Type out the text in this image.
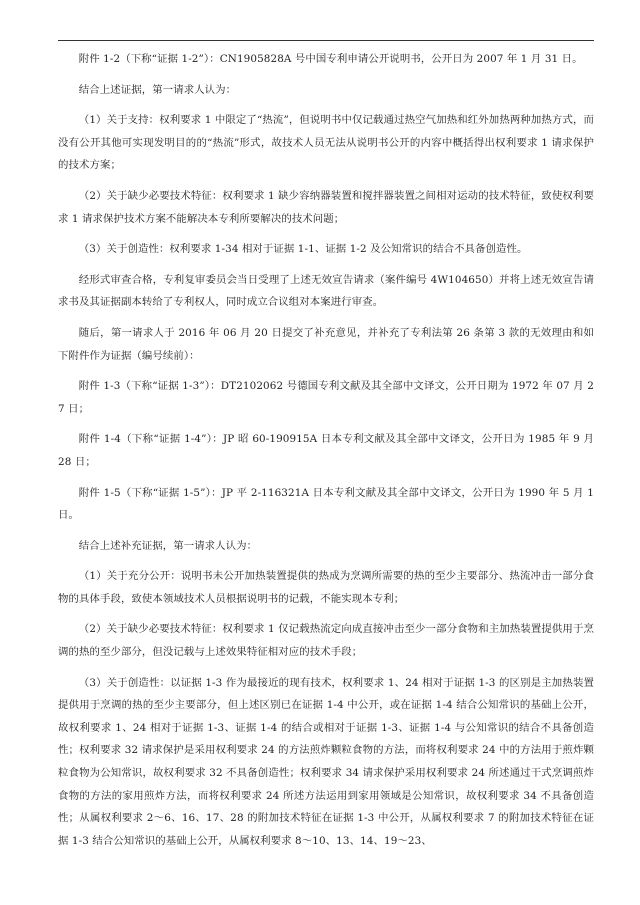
附件 1-2（下称“证据 1-2”）：CN1905828A 号中国专利申请公开说明书，公开日为 2007 年 1 月 31 日。

结合上述证据，第一请求人认为：

（1）关于支持：权利要求 1 中限定了“热流”，但说明书中仅记载通过热空气加热和红外加热两种加热方式，而没有公开其他可实现发明目的的“热流”形式，故技术人员无法从说明书公开的内容中概括得出权利要求 1 请求保护的技术方案；

（2）关于缺少必要技术特征：权利要求 1 缺少容纳器装置和搅拌器装置之间相对运动的技术特征，致使权利要求 1 请求保护技术方案不能解决本专利所要解决的技术问题；

（3）关于创造性：权利要求 1-34 相对于证据 1-1、证据 1-2 及公知常识的结合不具备创造性。

经形式审查合格，专利复审委员会当日受理了上述无效宣告请求（案件编号 4W104650）并将上述无效宣告请求书及其证据副本转给了专利权人，同时成立合议组对本案进行审查。

随后，第一请求人于 2016 年 06 月 20 日提交了补充意见，并补充了专利法第 26 条第 3 款的无效理由和如下附件作为证据（编号续前）：

附件 1-3（下称“证据 1-3”）：DT2102062 号德国专利文献及其全部中文译文，公开日期为 1972 年 07 月 27 日；

附件 1-4（下称“证据 1-4”）：JP 昭 60-190915A 日本专利文献及其全部中文译文，公开日为 1985 年 9 月 28 日；

附件 1-5（下称“证据 1-5”）：JP 平 2-116321A 日本专利文献及其全部中文译文，公开日为 1990 年 5 月 1 日。

结合上述补充证据，第一请求人认为：

（1）关于充分公开：说明书未公开加热装置提供的热成为烹调所需要的热的至少主要部分、热流冲击一部分食物的具体手段，致使本领域技术人员根据说明书的记载，不能实现本专利；

（2）关于缺少必要技术特征：权利要求 1 仅记载热流定向成直接冲击至少一部分食物和主加热装置提供用于烹调的热的至少部分，但没记载与上述效果特征相对应的技术手段；

（3）关于创造性：以证据 1-3 作为最接近的现有技术，权利要求 1、24 相对于证据 1-3 的区别是主加热装置提供用于烹调的热的至少主要部分，但上述区别已在证据 1-4 中公开，或在证据 1-4 结合公知常识的基础上公开，故权利要求 1、24 相对于证据 1-3、证据 1-4 的结合或相对于证据 1-3、证据 1-4 与公知常识的结合不具备创造性；权利要求 32 请求保护是采用权利要求 24 的方法煎炸颗粒食物的方法，而将权利要求 24 中的方法用于煎炸颗粒食物为公知常识，故权利要求 32 不具备创造性；权利要求 34 请求保护采用权利要求 24 所述通过干式烹调煎炸食物的方法的家用煎炸方法，而将权利要求 24 所述方法运用到家用领域是公知常识，故权利要求 34 不具备创造性；从属权利要求 2～6、16、17、28 的附加技术特征在证据 1-3 中公开，从属权利要求 7 的附加技术特征在证据 1-3 结合公知常识的基础上公开，从属权利要求 8～10、13、14、19～23、
